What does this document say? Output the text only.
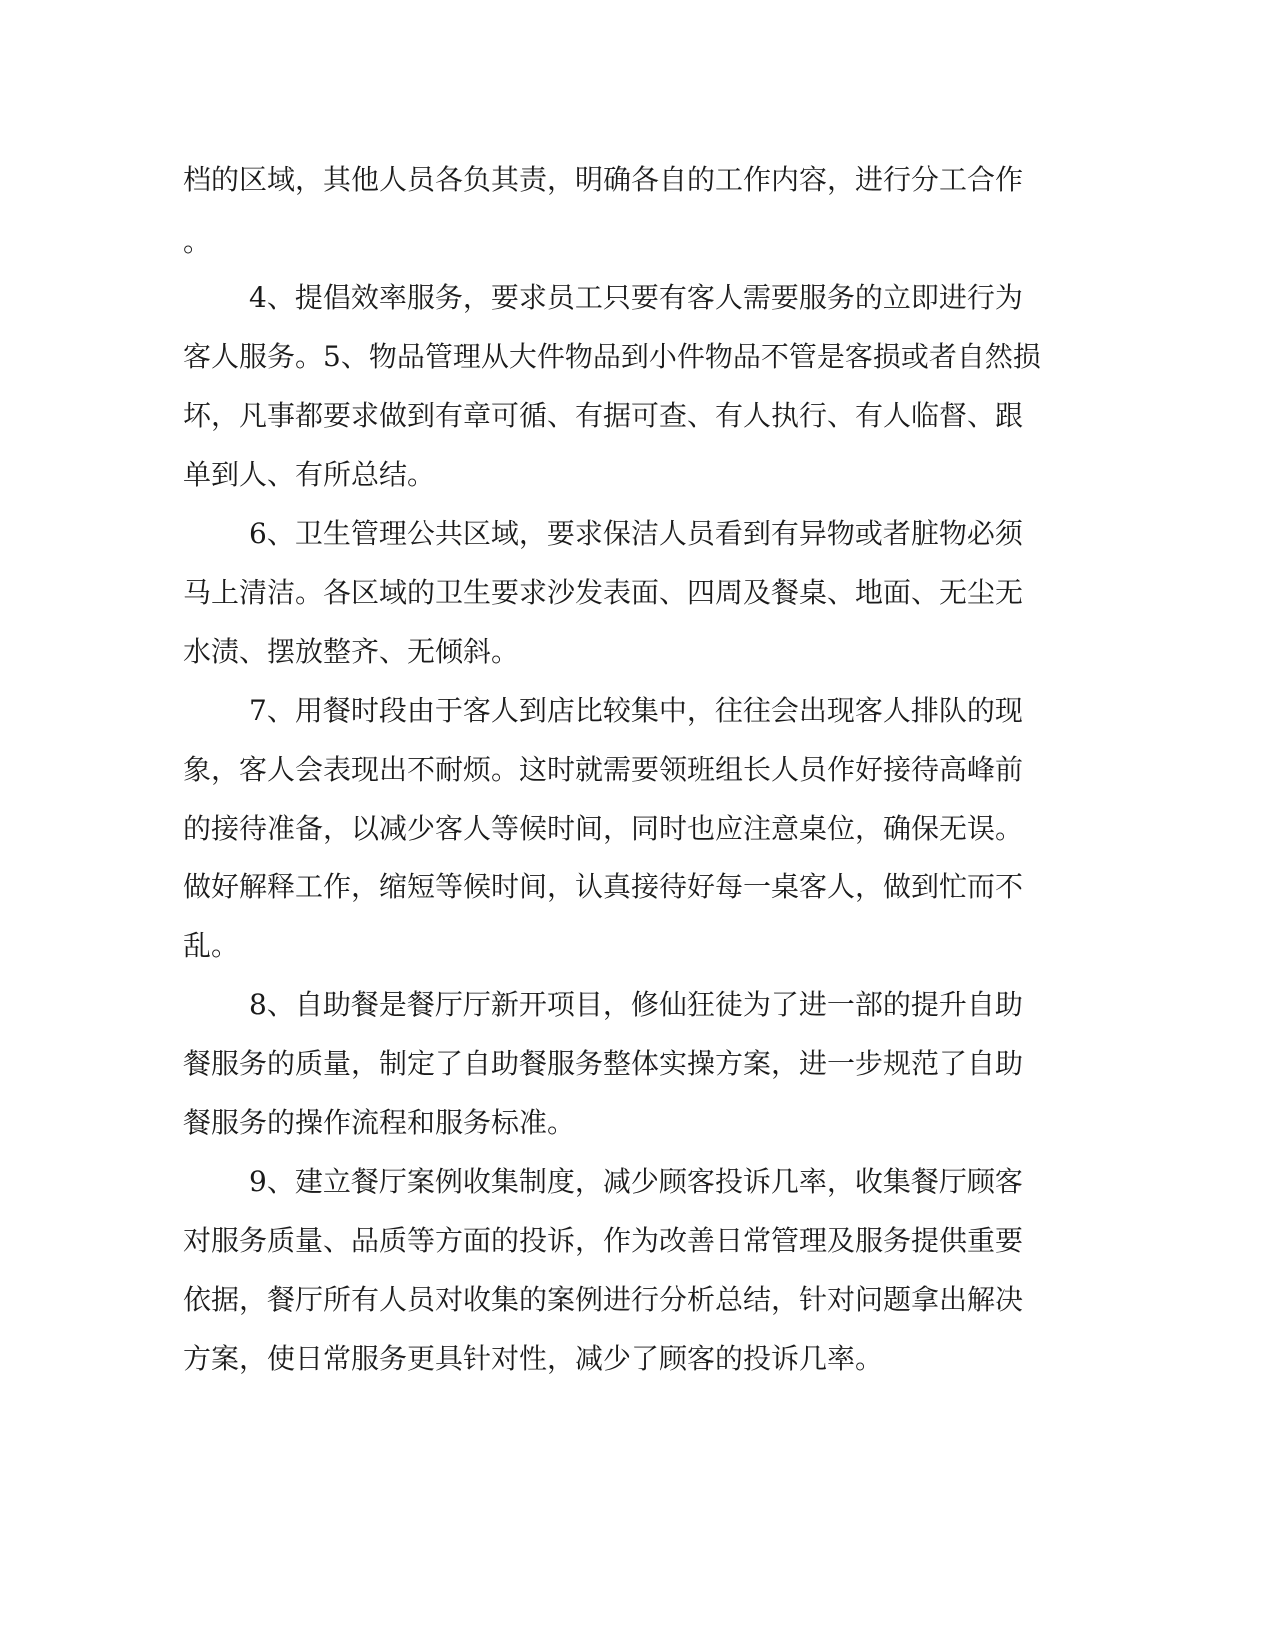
档的区域，其他人员各负其责，明确各自的工作内容，进行分工合作

。

4、提倡效率服务，要求员工只要有客人需要服务的立即进行为

客人服务。5、物品管理从大件物品到小件物品不管是客损或者自然损

坏，凡事都要求做到有章可循、有据可查、有人执行、有人临督、跟

单到人、有所总结。

6、卫生管理公共区域，要求保洁人员看到有异物或者脏物必须

马上清洁。各区域的卫生要求沙发表面、四周及餐桌、地面、无尘无

水渍、摆放整齐、无倾斜。

7、用餐时段由于客人到店比较集中，往往会出现客人排队的现

象，客人会表现出不耐烦。这时就需要领班组长人员作好接待高峰前

的接待准备，以减少客人等候时间，同时也应注意桌位，确保无误。

做好解释工作，缩短等候时间，认真接待好每一桌客人，做到忙而不

乱。

8、自助餐是餐厅厅新开项目，修仙狂徒为了进一部的提升自助

餐服务的质量，制定了自助餐服务整体实操方案，进一步规范了自助

餐服务的操作流程和服务标准。

9、建立餐厅案例收集制度，减少顾客投诉几率，收集餐厅顾客

对服务质量、品质等方面的投诉，作为改善日常管理及服务提供重要

依据，餐厅所有人员对收集的案例进行分析总结，针对问题拿出解决

方案，使日常服务更具针对性，减少了顾客的投诉几率。
